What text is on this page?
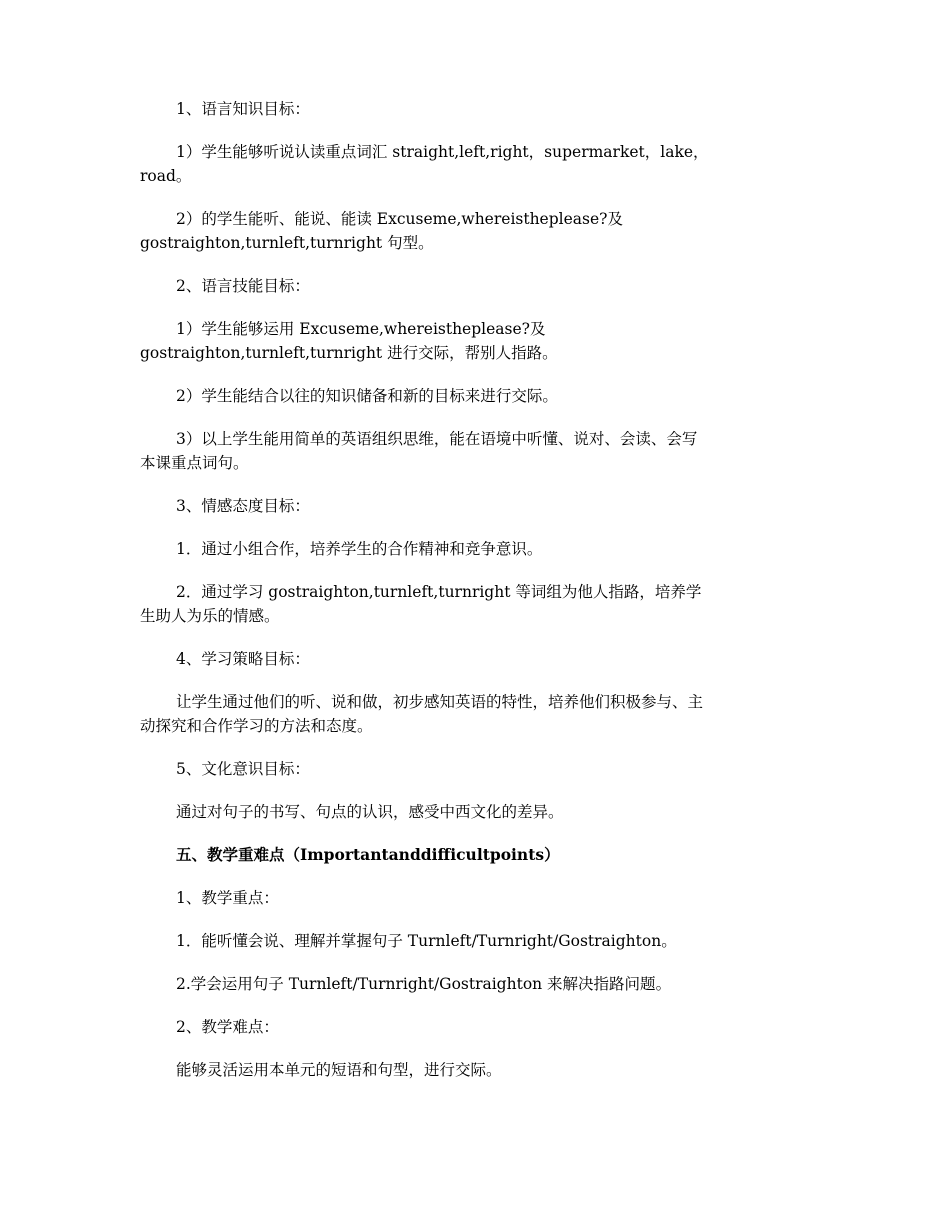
1、语言知识目标：

1）学生能够听说认读重点词汇 straight,left,right，supermarket，lake，

road。

2）的学生能听、能说、能读 Excuseme,whereistheplease?及

gostraighton,turnleft,turnright 句型。

2、语言技能目标：

1）学生能够运用 Excuseme,whereistheplease?及

gostraighton,turnleft,turnright 进行交际，帮别人指路。

2）学生能结合以往的知识储备和新的目标来进行交际。

3）以上学生能用简单的英语组织思维，能在语境中听懂、说对、会读、会写

本课重点词句。

3、情感态度目标：

1．通过小组合作，培养学生的合作精神和竞争意识。

2．通过学习 gostraighton,turnleft,turnright 等词组为他人指路，培养学

生助人为乐的情感。

4、学习策略目标：

让学生通过他们的听、说和做，初步感知英语的特性，培养他们积极参与、主

动探究和合作学习的方法和态度。

5、文化意识目标：

通过对句子的书写、句点的认识，感受中西文化的差异。

五、教学重难点（Importantanddifficultpoints）

1、教学重点：

1．能听懂会说、理解并掌握句子 Turnleft/Turnright/Gostraighton。

2.学会运用句子 Turnleft/Turnright/Gostraighton 来解决指路问题。

2、教学难点：

能够灵活运用本单元的短语和句型，进行交际。
